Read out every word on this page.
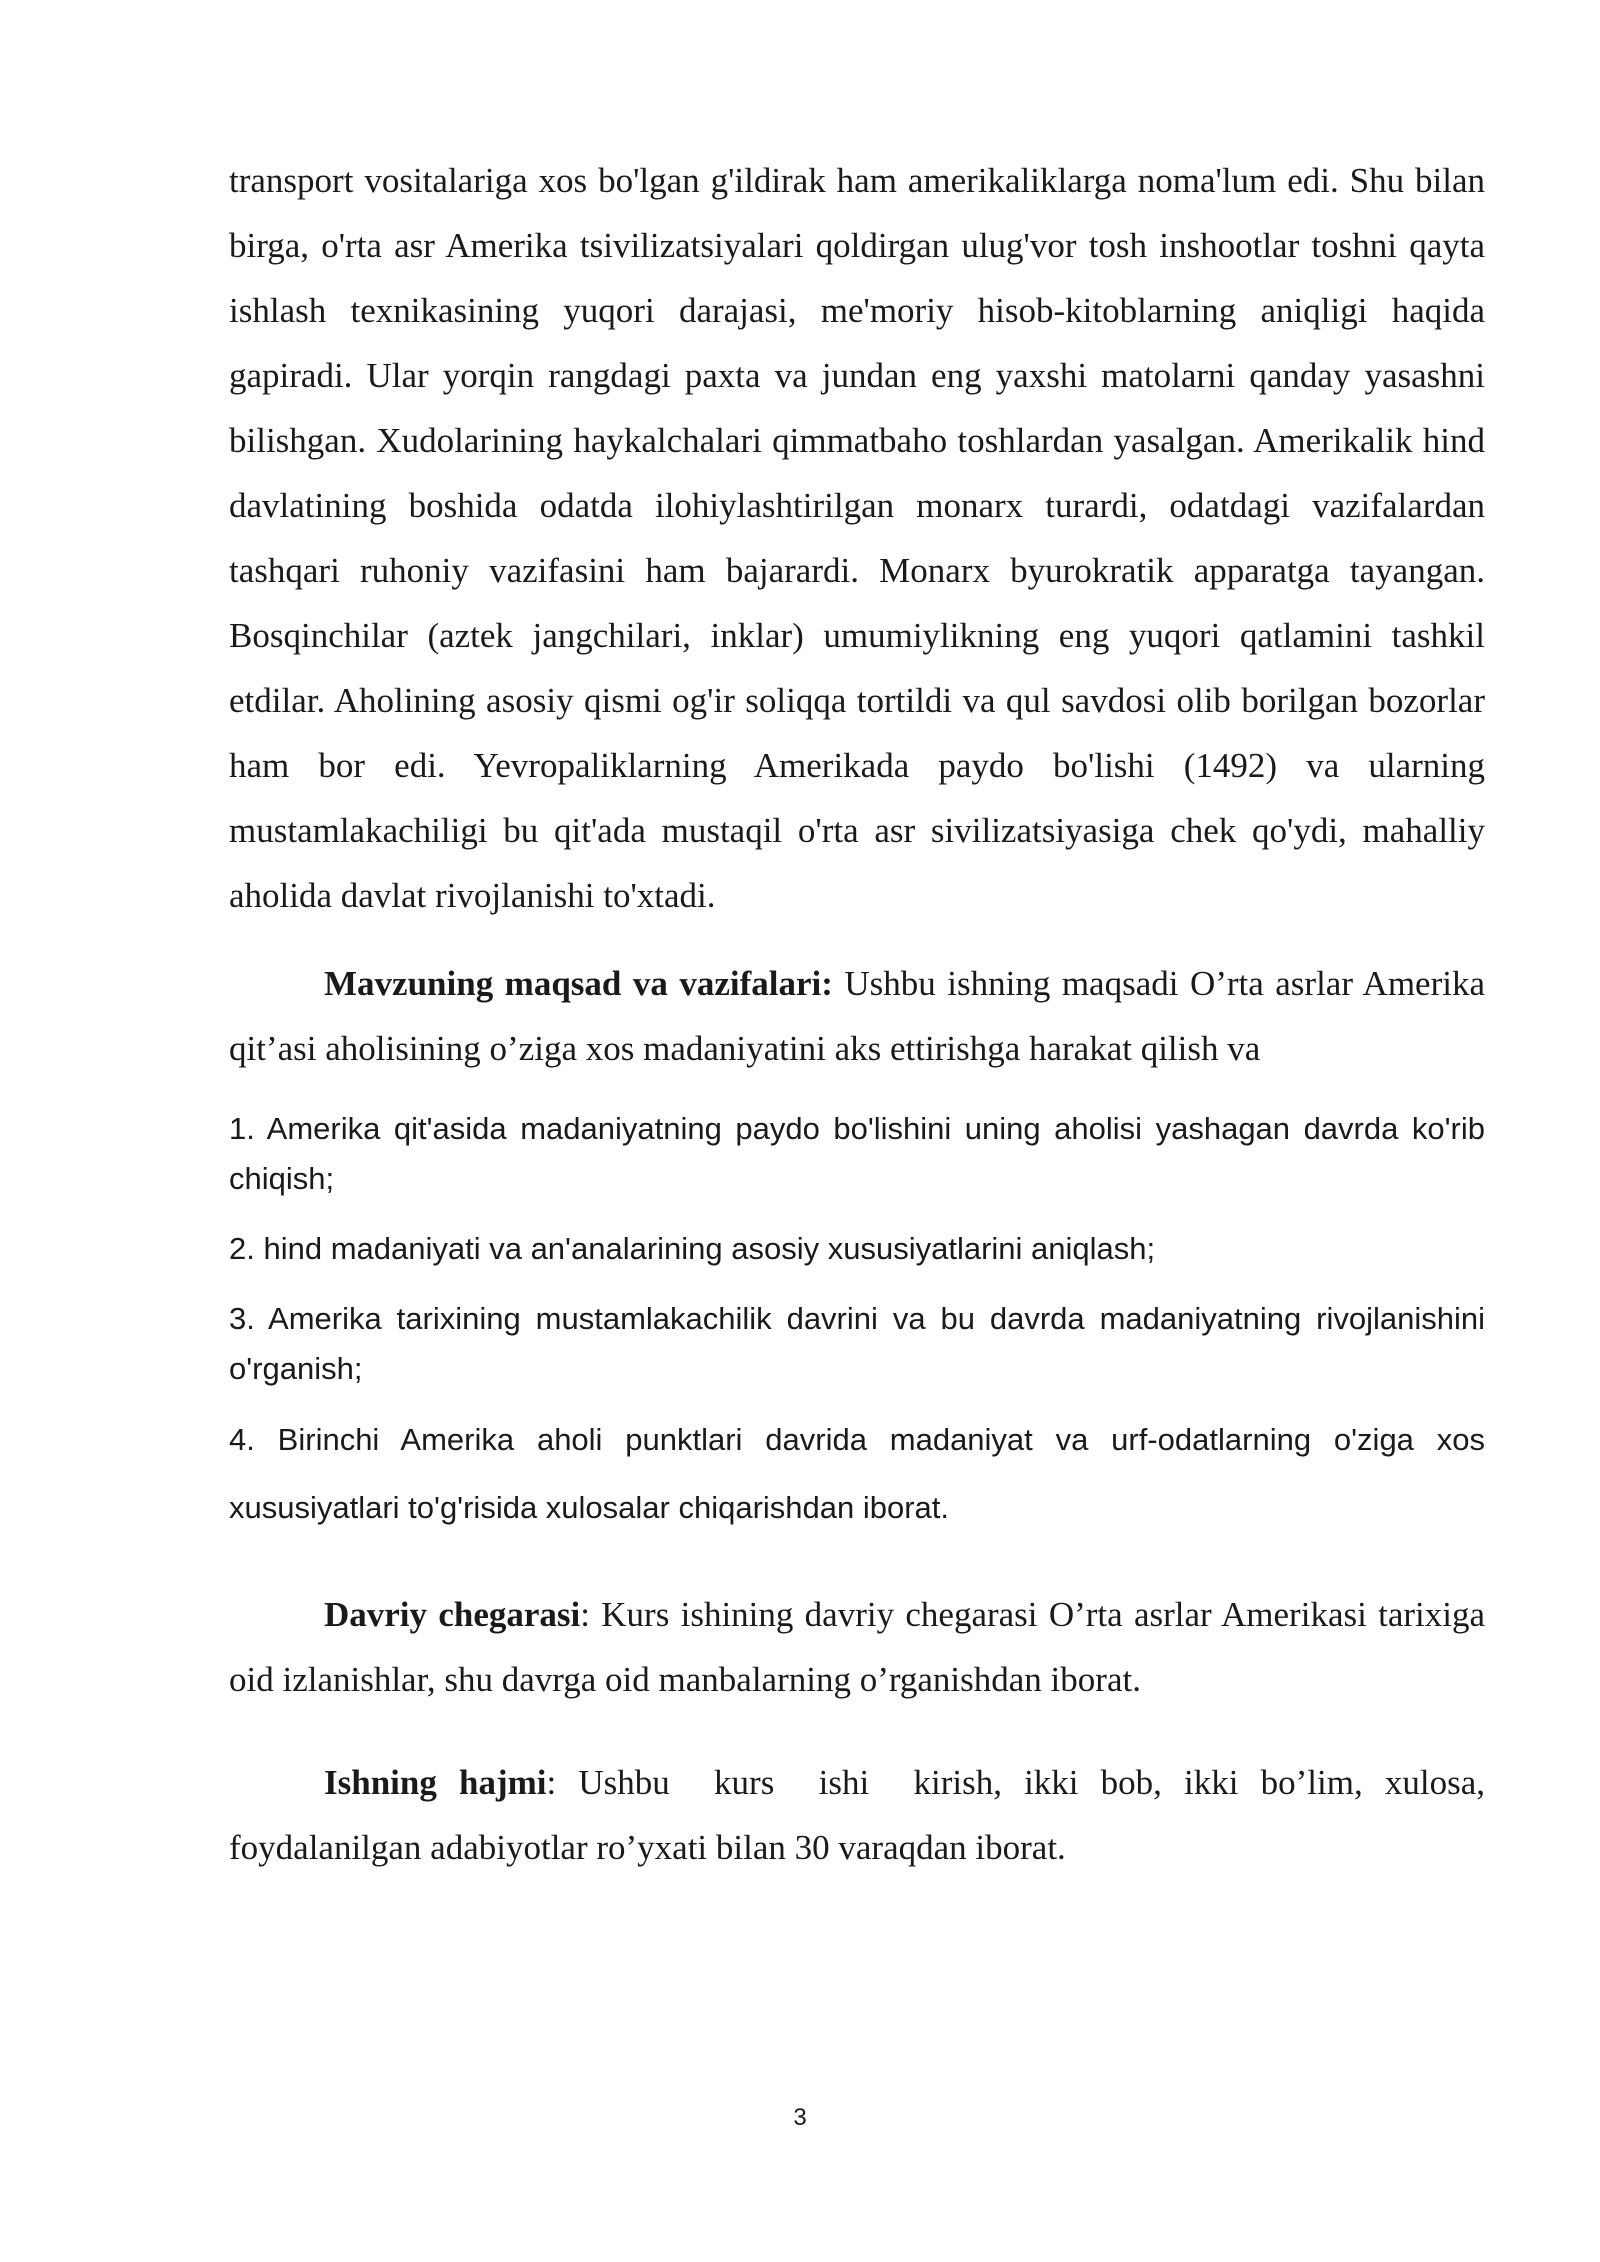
transport vositalariga xos bo'lgan g'ildirak ham amerikaliklarga noma'lum edi. Shu bilan birga, o'rta asr Amerika tsivilizatsiyalari qoldirgan ulug'vor tosh inshootlar toshni qayta ishlash texnikasining yuqori darajasi, me'moriy hisob-kitoblarning aniqligi haqida gapiradi. Ular yorqin rangdagi paxta va jundan eng yaxshi matolarni qanday yasashni bilishgan. Xudolarining haykalchalari qimmatbaho toshlardan yasalgan. Amerikalik hind davlatining boshida odatda ilohiylashtirilgan monarx turardi, odatdagi vazifalardan tashqari ruhoniy vazifasini ham bajarardi. Monarx byurokratik apparatga tayangan. Bosqinchilar (aztek jangchilari, inklar) umumiylikning eng yuqori qatlamini tashkil etdilar. Aholining asosiy qismi og'ir soliqqa tortildi va qul savdosi olib borilgan bozorlar ham bor edi. Yevropaliklarning Amerikada paydo bo'lishi (1492) va ularning mustamlakachiligi bu qit'ada mustaqil o'rta asr sivilizatsiyasiga chek qo'ydi, mahalliy aholida davlat rivojlanishi to'xtadi.

Mavzuning maqsad va vazifalari: Ushbu ishning maqsadi O’rta asrlar Amerika qit’asi aholisining o’ziga xos madaniyatini aks ettirishga harakat qilish va

1. Amerika qit'asida madaniyatning paydo bo'lishini uning aholisi yashagan davrda ko'rib chiqish;

2. hind madaniyati va an'analarining asosiy xususiyatlarini aniqlash;

3. Amerika tarixining mustamlakachilik davrini va bu davrda madaniyatning rivojlanishini o'rganish;

4. Birinchi Amerika aholi punktlari davrida madaniyat va urf-odatlarning o'ziga xos xususiyatlari to'g'risida xulosalar chiqarishdan iborat.

Davriy chegarasi: Kurs ishining davriy chegarasi O’rta asrlar Amerikasi tarixiga oid izlanishlar, shu davrga oid manbalarning o’rganishdan iborat.

Ishning hajmi: Ushbu  kurs  ishi  kirish, ikki bob, ikki bo’lim, xulosa, foydalanilgan adabiyotlar ro’yxati bilan 30 varaqdan iborat.

3
